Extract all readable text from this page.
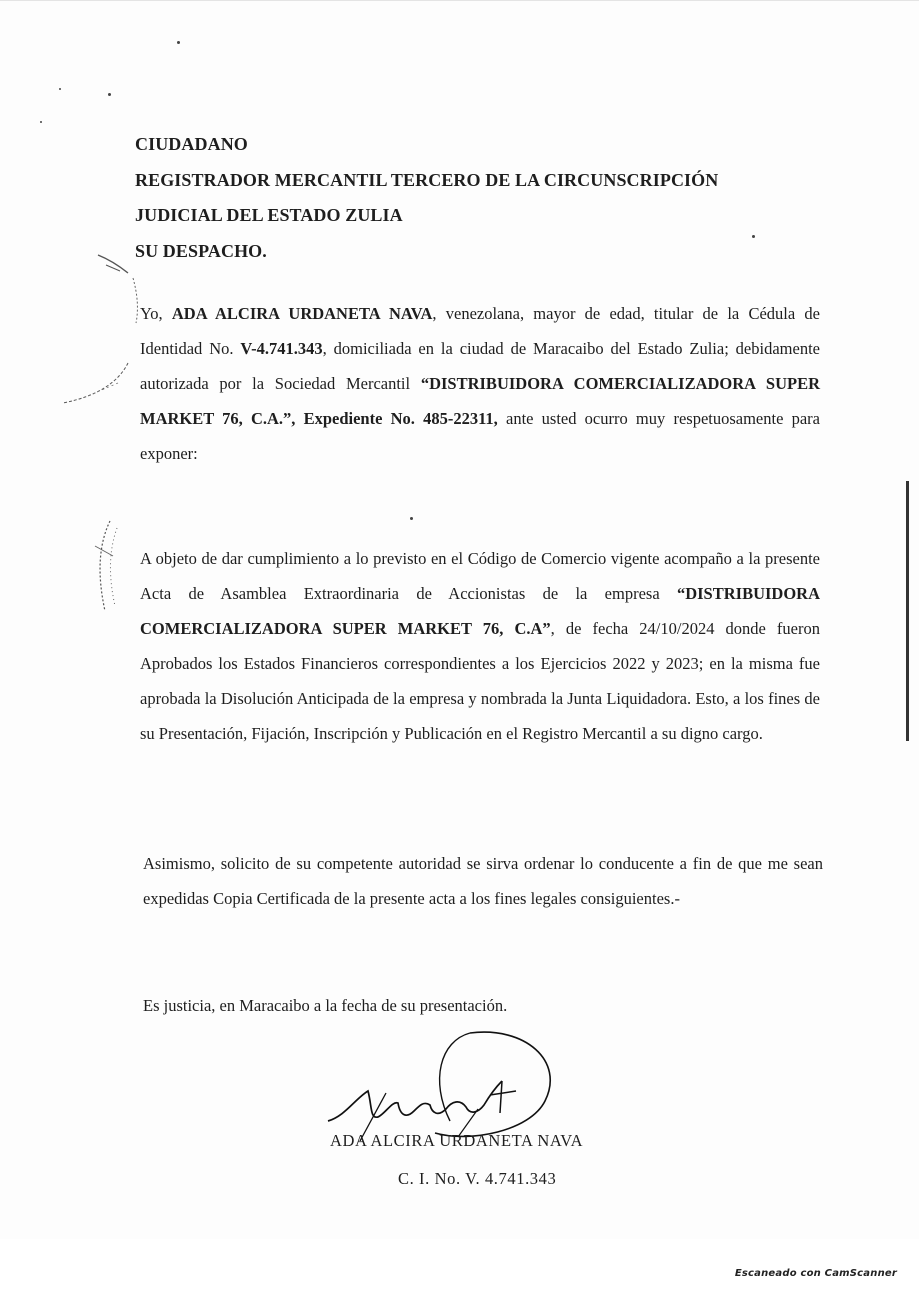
CIUDADANO
REGISTRADOR MERCANTIL TERCERO DE LA CIRCUNSCRIPCIÓN
JUDICIAL DEL ESTADO ZULIA
SU DESPACHO.
Yo, ADA ALCIRA URDANETA NAVA, venezolana, mayor de edad, titular de la Cédula de Identidad No. V-4.741.343, domiciliada en la ciudad de Maracaibo del Estado Zulia; debidamente autorizada por la Sociedad Mercantil “DISTRIBUIDORA COMERCIALIZADORA SUPER MARKET 76, C.A.”, Expediente No. 485-22311, ante usted ocurro muy respetuosamente para exponer:
A objeto de dar cumplimiento a lo previsto en el Código de Comercio vigente acompaño a la presente Acta de Asamblea Extraordinaria de Accionistas de la empresa “DISTRIBUIDORA COMERCIALIZADORA SUPER MARKET 76, C.A”, de fecha 24/10/2024 donde fueron Aprobados los Estados Financieros correspondientes a los Ejercicios 2022 y 2023; en la misma fue aprobada la Disolución Anticipada de la empresa y nombrada la Junta Liquidadora. Esto, a los fines de su Presentación, Fijación, Inscripción y Publicación en el Registro Mercantil a su digno cargo.
Asimismo, solicito de su competente autoridad se sirva ordenar lo conducente a fin de que me sean expedidas Copia Certificada de la presente acta a los fines legales consiguientes.-
Es justicia, en Maracaibo a la fecha de su presentación.
ADA ALCIRA URDANETA NAVA
C. I. No. V. 4.741.343
Escaneado con CamScanner
